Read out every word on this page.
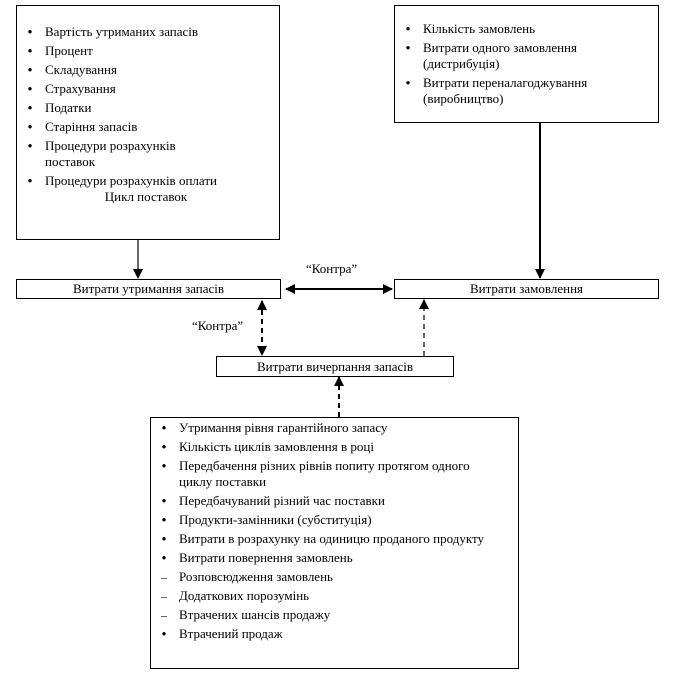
●
Вартість утриманих запасів
●
Процент
●
Складування
●
Страхування
●
Податки
●
Старіння запасів
●
Процедури розрахунків поставок
●
Процедури розрахунків оплати
Цикл поставок
●
Кількість замовлень
●
Витрати одного замовлення (дистрибуція)
●
Витрати переналагоджування (виробництво)
Витрати утримання запасів	Витрати замовлення
“Контра”
“Контра”
Витрати вичерпання запасів
●
Утримання рівня гарантійного запасу
●
Кількість циклів замовлення в році
●
Передбачення різних рівнів попиту протягом одного циклу поставки
●
Передбачуваний різний час поставки
●
Продукти-замінники (субституція)
●
Витрати в розрахунку на одиницю проданого продукту
●
Витрати повернення замовлень
–
Розповсюдження замовлень
–
Додаткових порозумінь
–
Втрачених шансів продажу
●
Втрачений продаж
